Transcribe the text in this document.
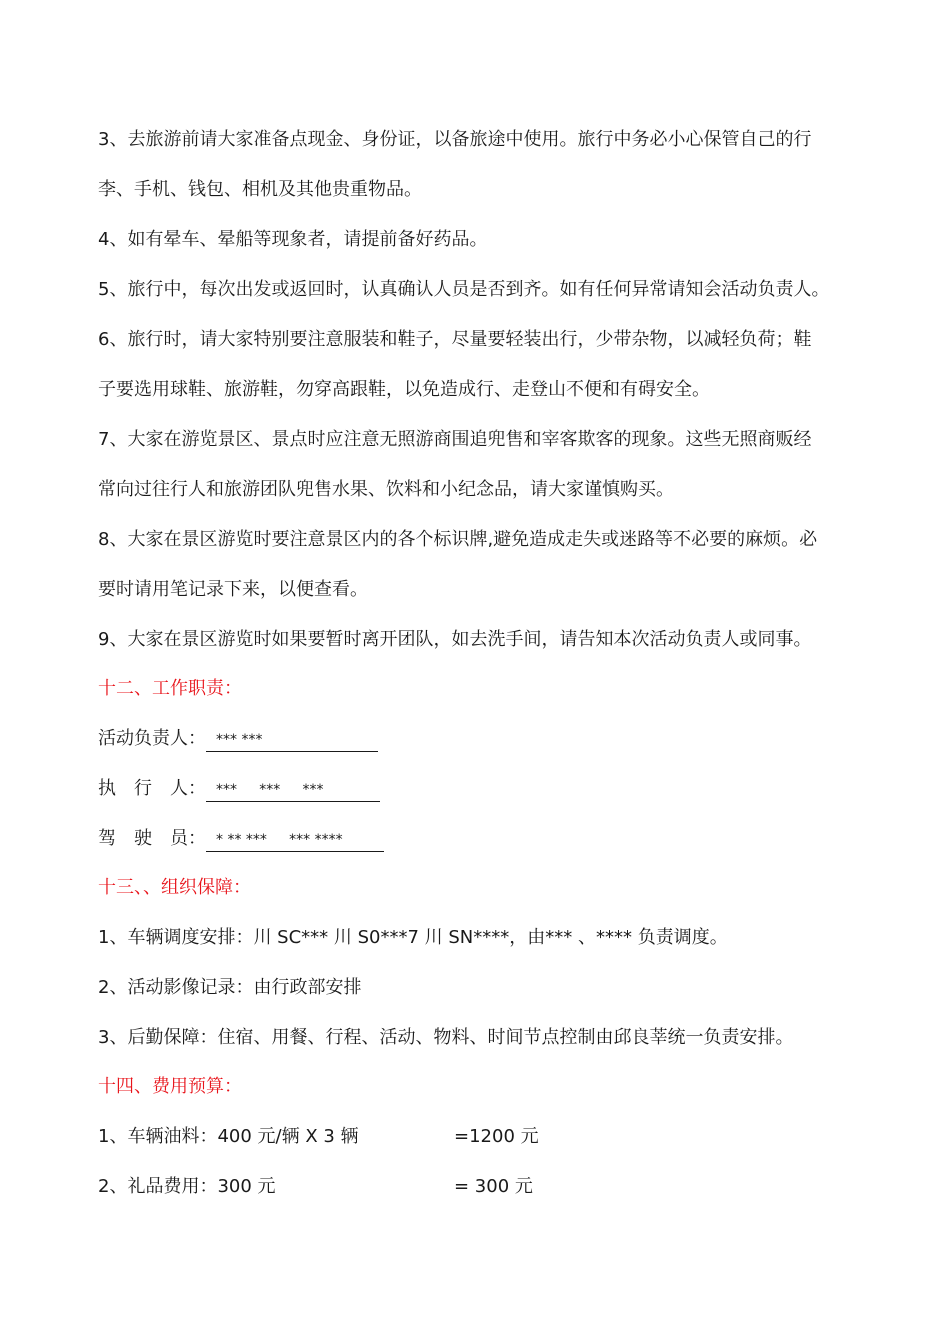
3、去旅游前请大家准备点现金、身份证，以备旅途中使用。旅行中务必小心保管自己的行
李、手机、钱包、相机及其他贵重物品。
4、如有晕车、晕船等现象者，请提前备好药品。
5、旅行中，每次出发或返回时，认真确认人员是否到齐。如有任何异常请知会活动负责人。
6、旅行时，请大家特别要注意服装和鞋子，尽量要轻装出行，少带杂物，以减轻负荷；鞋
子要选用球鞋、旅游鞋，勿穿高跟鞋，以免造成行、走登山不便和有碍安全。
7、大家在游览景区、景点时应注意无照游商围追兜售和宰客欺客的现象。这些无照商贩经
常向过往行人和旅游团队兜售水果、饮料和小纪念品，请大家谨慎购买。
8、大家在景区游览时要注意景区内的各个标识牌,避免造成走失或迷路等不必要的麻烦。必
要时请用笔记录下来，以便查看。
9、大家在景区游览时如果要暂时离开团队，如去洗手间，请告知本次活动负责人或同事。
十二、工作职责：
活动负责人： *** ***
执　行　人： ***     ***     ***
驾　驶　员： * ** ***     *** ****
十三、、组织保障：
1、车辆调度安排：川 SC*** 川 S0***7 川 SN****，由*** 、**** 负责调度。
2、活动影像记录：由行政部安排
3、后勤保障：住宿、用餐、行程、活动、物料、时间节点控制由邱良莘统一负责安排。
十四、费用预算：
1、车辆油料：400 元/辆 X 3 辆	=1200 元
2、礼品费用：300 元	= 300 元
